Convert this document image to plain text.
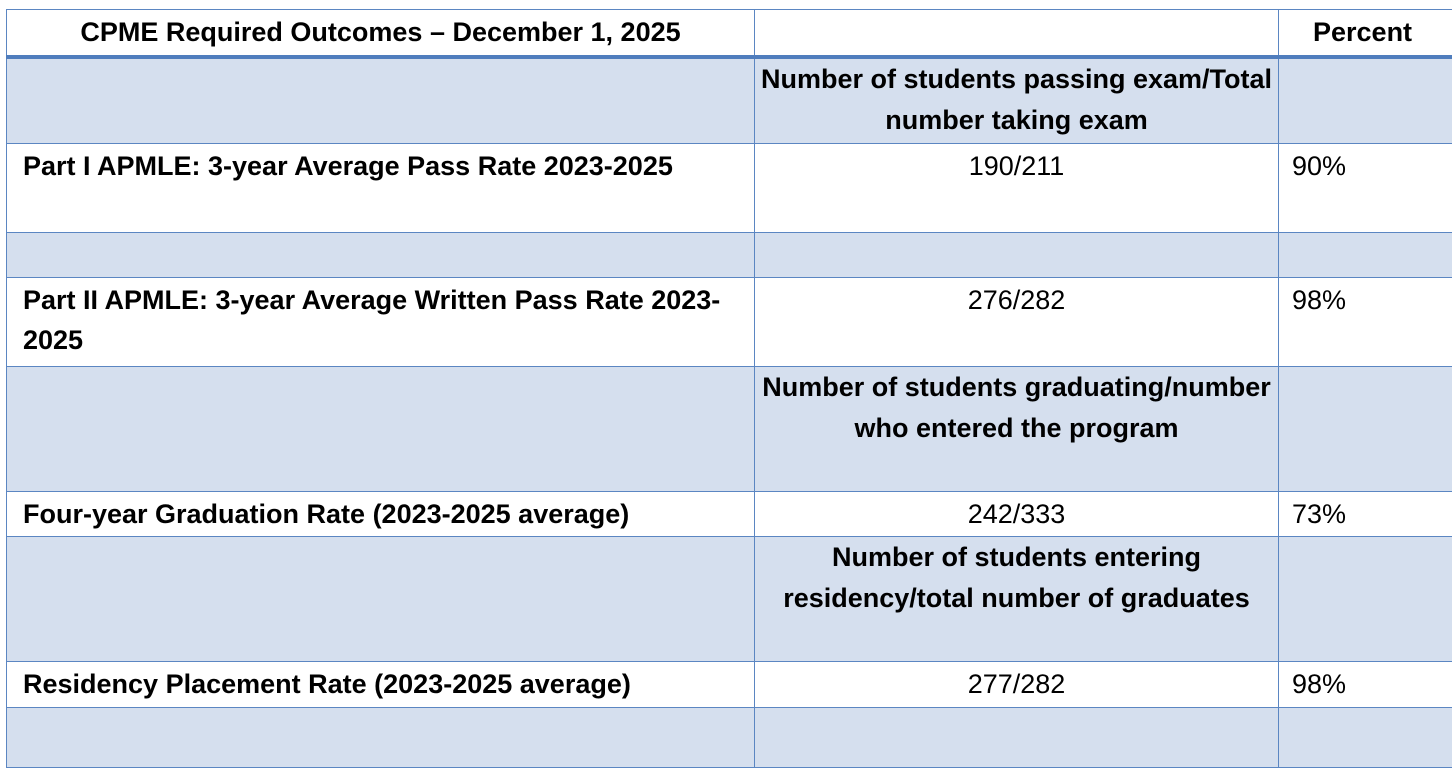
CPME Required Outcomes – December 1, 2025		Percent
	Number of students passing exam/Total number taking exam	
Part I APMLE: 3-year Average Pass Rate 2023-2025	190/211	90%

Part II APMLE: 3-year Average Written Pass Rate 2023-2025	276/282	98%
	Number of students graduating/number who entered the program	
Four-year Graduation Rate (2023-2025 average)	242/333	73%
	Number of students entering residency/total number of graduates	
Residency Placement Rate (2023-2025 average)	277/282	98%
